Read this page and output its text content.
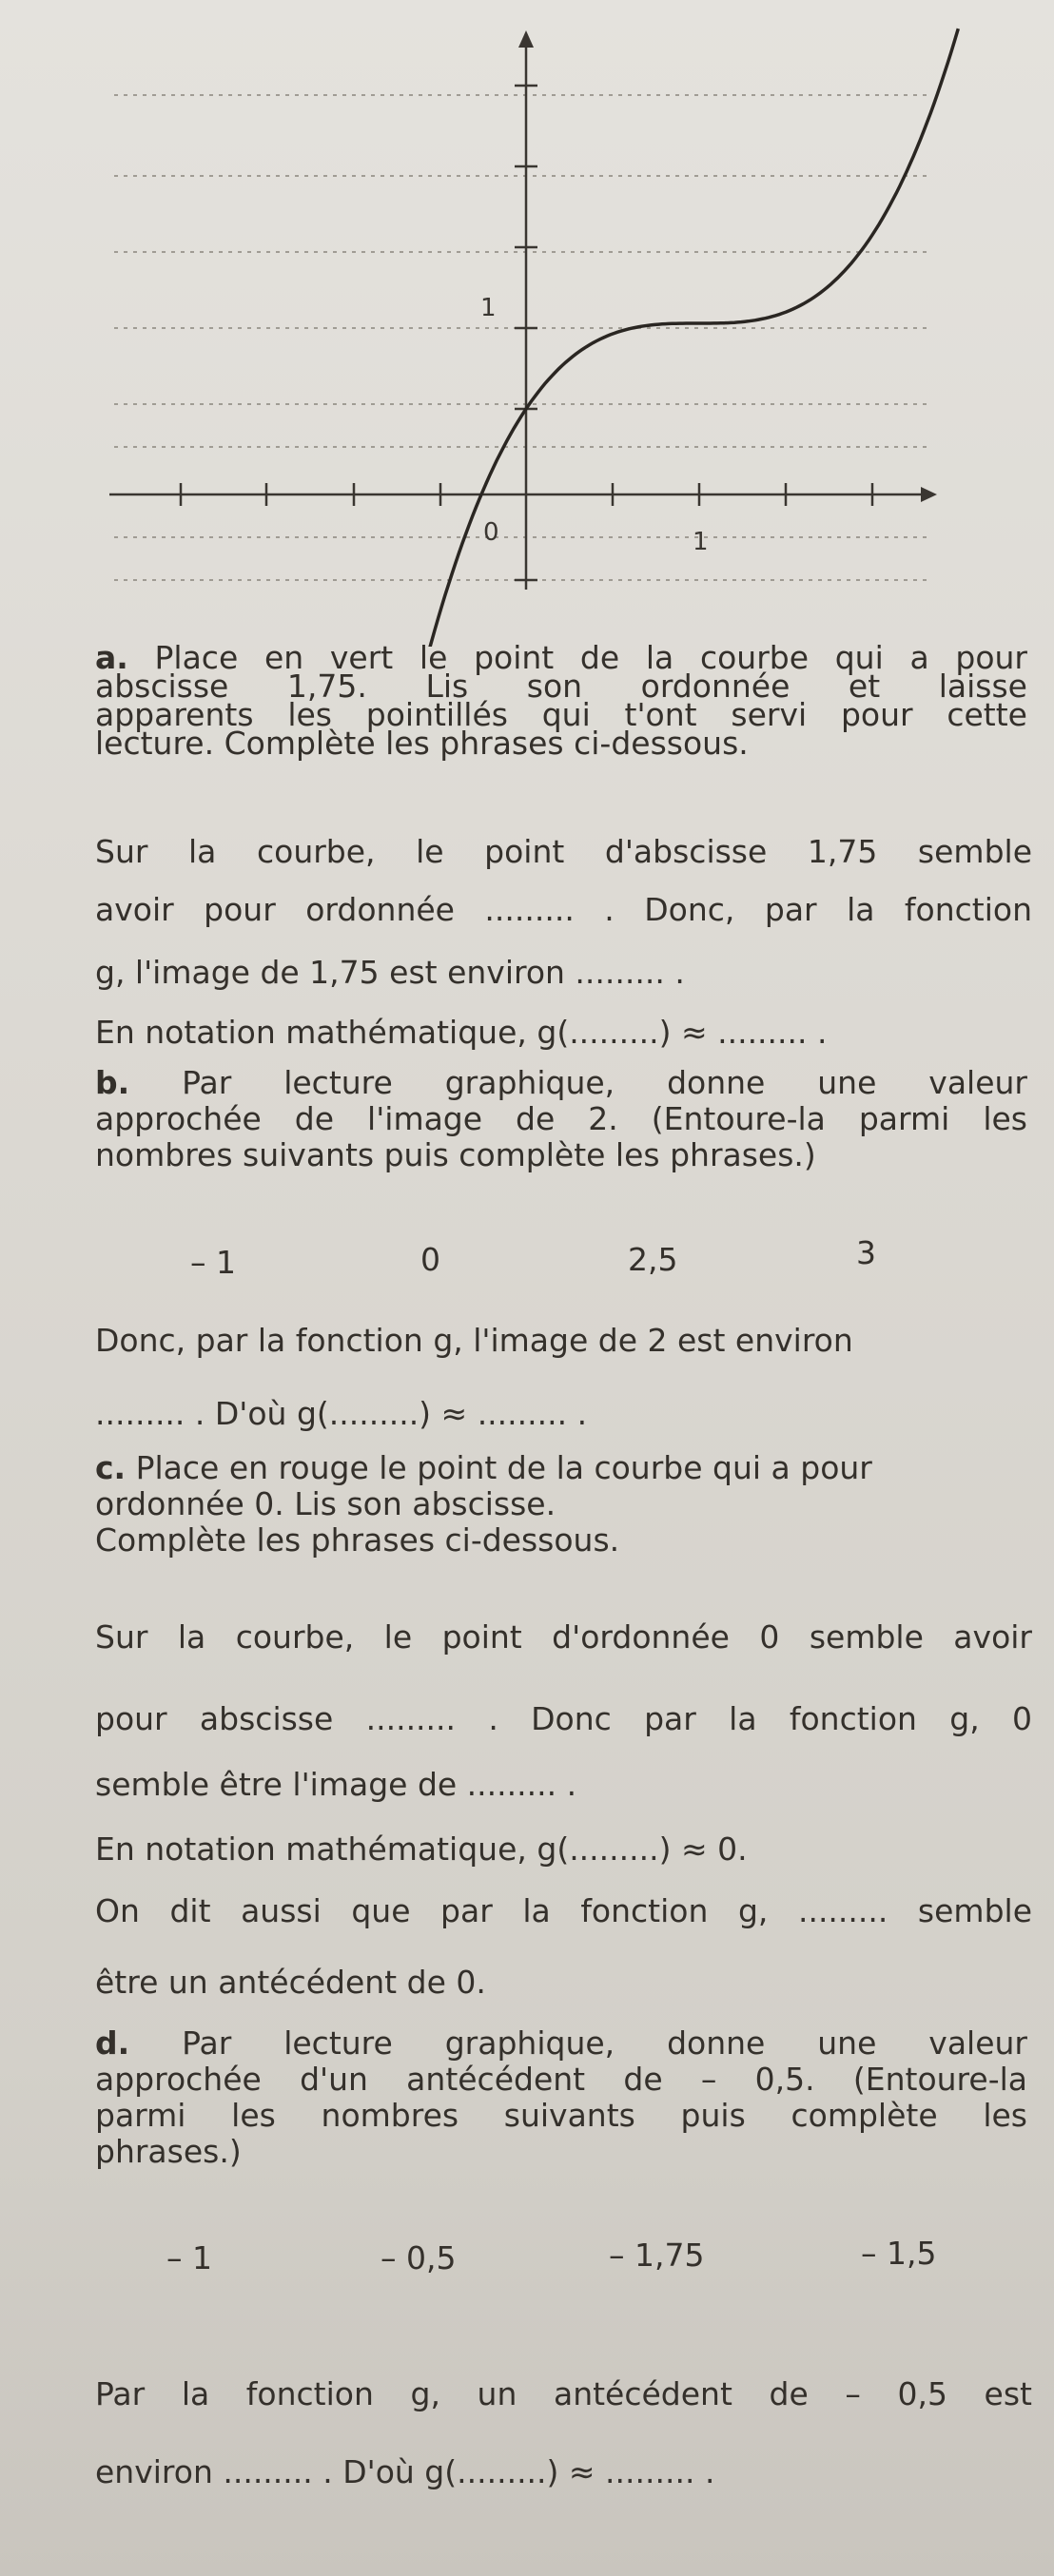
0	1
1
a. Place en vert le point de la courbe qui a pour
abscisse 1,75. Lis son ordonnée et laisse
apparents les pointillés qui t'ont servi pour cette
lecture. Complète les phrases ci-dessous.
Sur la courbe, le point d'abscisse 1,75 semble
avoir pour ordonnée ......... . Donc, par la fonction
g, l'image de 1,75 est environ ......... .
En notation mathématique, g(.........) ≈ ......... .
b. Par lecture graphique, donne une valeur
approchée de l'image de 2. (Entoure-la parmi les
nombres suivants puis complète les phrases.)
– 1	0	2,5	3
Donc, par la fonction g, l'image de 2 est environ
......... . D'où g(.........) ≈ ......... .
c. Place en rouge le point de la courbe qui a pour
ordonnée 0. Lis son abscisse.
Complète les phrases ci-dessous.
Sur la courbe, le point d'ordonnée 0 semble avoir
pour abscisse ......... . Donc par la fonction g, 0
semble être l'image de ......... .
En notation mathématique, g(.........) ≈ 0.
On dit aussi que par la fonction g, ......... semble
être un antécédent de 0.
d. Par lecture graphique, donne une valeur
approchée d'un antécédent de – 0,5. (Entoure-la
parmi les nombres suivants puis complète les
phrases.)
– 1	– 0,5	– 1,75	– 1,5
Par la fonction g, un antécédent de – 0,5 est
environ ......... . D'où g(.........) ≈ ......... .
